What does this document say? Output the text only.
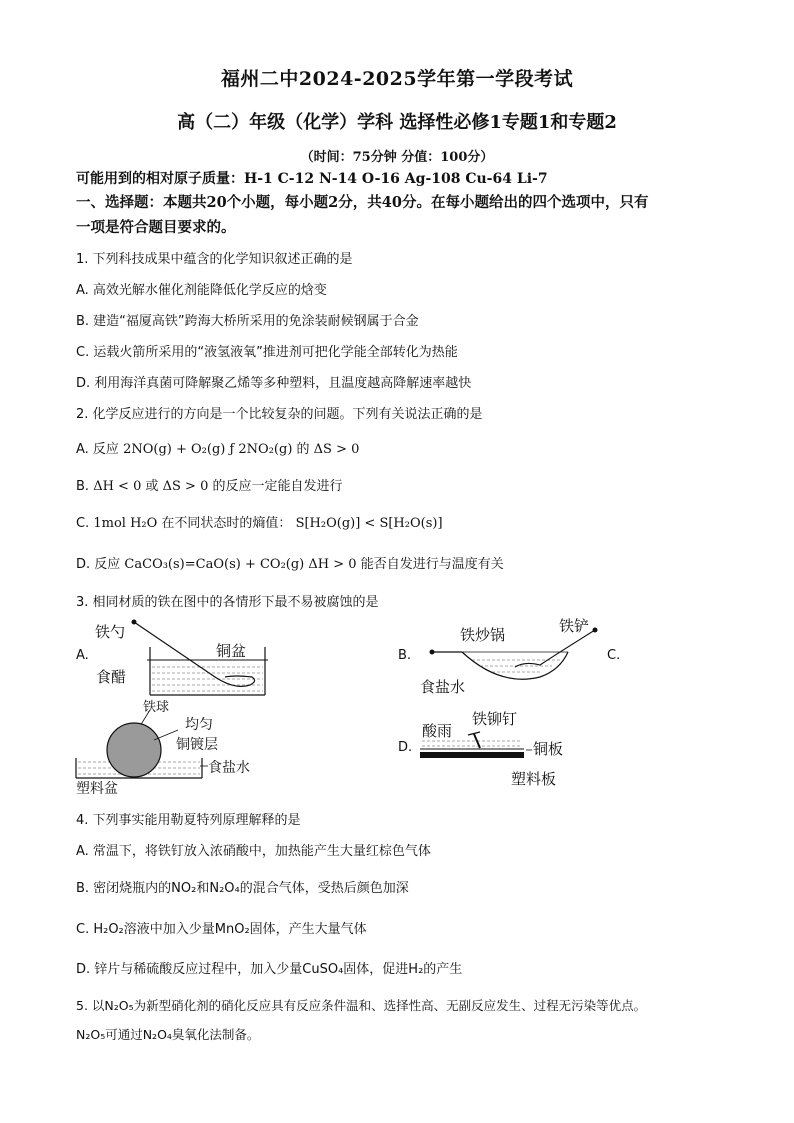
福州二中2024-2025学年第一学段考试
高（二）年级（化学）学科 选择性必修1专题1和专题2
（时间：75分钟 分值：100分）
可能用到的相对原子质量：H-1 C-12 N-14 O-16 Ag-108 Cu-64 Li-7
一、选择题：本题共20个小题，每小题2分，共40分。在每小题给出的四个选项中，只有
一项是符合题目要求的。
1. 下列科技成果中蕴含的化学知识叙述正确的是
A. 高效光解水催化剂能降低化学反应的焓变
B. 建造“福厦高铁”跨海大桥所采用的免涂装耐候钢属于合金
C. 运载火箭所采用的“液氢液氧”推进剂可把化学能全部转化为热能
D. 利用海洋真菌可降解聚乙烯等多种塑料，且温度越高降解速率越快
2. 化学反应进行的方向是一个比较复杂的问题。下列有关说法正确的是
A. 反应 2NO(g) + O₂(g) ƒ 2NO₂(g) 的 ΔS > 0
B. ΔH < 0 或 ΔS > 0 的反应一定能自发进行
C. 1mol H₂O 在不同状态时的熵值： S[H₂O(g)] < S[H₂O(s)]
D. 反应 CaCO₃(s)=CaO(s) + CO₂(g) ΔH > 0 能否自发进行与温度有关
3. 相同材质的铁在图中的各情形下最不易被腐蚀的是
A.
铁勺
铜盆
食醋
B.
铁炒锅	铁铲
食盐水
C.
铁球
均匀
铜镀层
食盐水
塑料盆
D.
酸雨
铁铆钉
铜板
塑料板
4. 下列事实能用勒夏特列原理解释的是
A. 常温下，将铁钉放入浓硝酸中，加热能产生大量红棕色气体
B. 密闭烧瓶内的NO₂和N₂O₄的混合气体，受热后颜色加深
C. H₂O₂溶液中加入少量MnO₂固体，产生大量气体
D. 锌片与稀硫酸反应过程中，加入少量CuSO₄固体，促进H₂的产生
5. 以N₂O₅为新型硝化剂的硝化反应具有反应条件温和、选择性高、无副反应发生、过程无污染等优点。
N₂O₅可通过N₂O₄臭氧化法制备。
